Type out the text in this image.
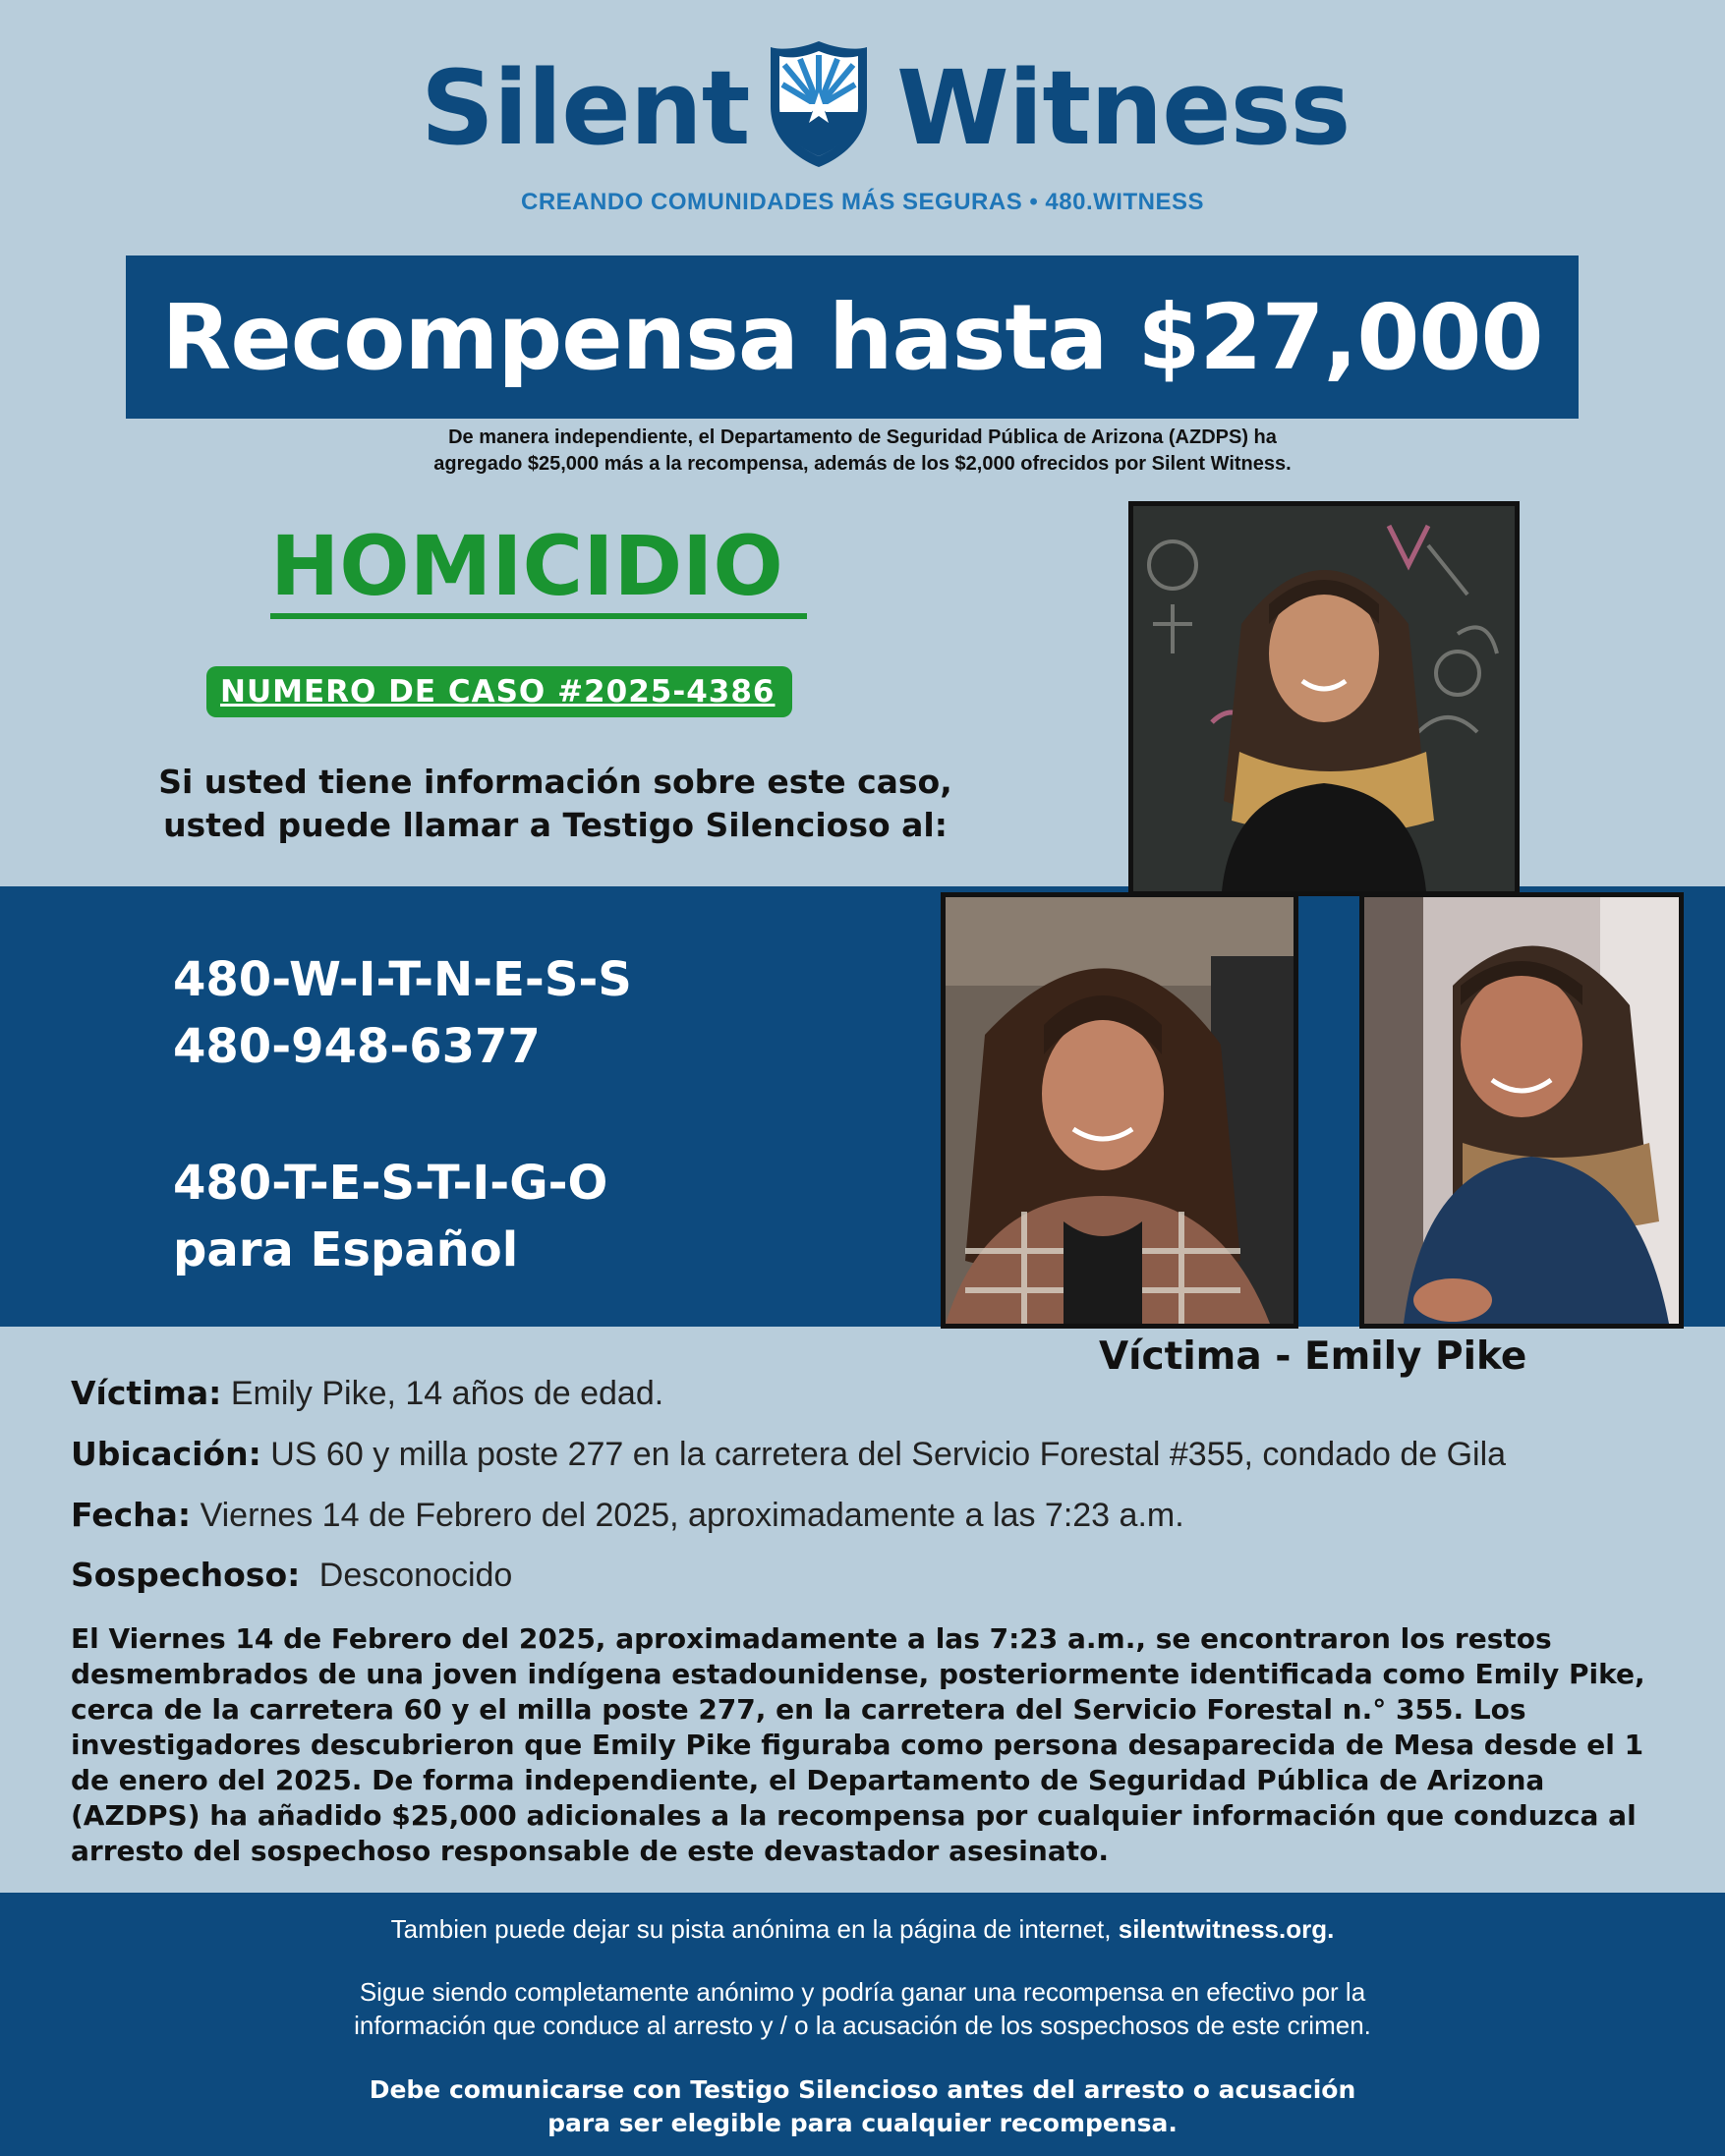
Silent Witness
CREANDO COMUNIDADES MÁS SEGURAS • 480.WITNESS
Recompensa hasta $27,000
De manera independiente, el Departamento de Seguridad Pública de Arizona (AZDPS) ha
agregado $25,000 más a la recompensa, además de los $2,000 ofrecidos por Silent Witness.
HOMICIDIO
NUMERO DE CASO #2025-4386
Si usted tiene información sobre este caso,
usted puede llamar a Testigo Silencioso al:
480-W-I-T-N-E-S-S
480-948-6377
480-T-E-S-T-I-G-O
para Español
Víctima - Emily Pike
Víctima: Emily Pike, 14 años de edad.
Ubicación: US 60 y milla poste 277 en la carretera del Servicio Forestal #355, condado de Gila
Fecha: Viernes 14 de Febrero del 2025, aproximadamente a las 7:23 a.m.
Sospechoso: Desconocido
El Viernes 14 de Febrero del 2025, aproximadamente a las 7:23 a.m., se encontraron los restos desmembrados de una joven indígena estadounidense, posteriormente identificada como Emily Pike, cerca de la carretera 60 y el milla poste 277, en la carretera del Servicio Forestal n.° 355. Los investigadores descubrieron que Emily Pike figuraba como persona desaparecida de Mesa desde el 1 de enero del 2025. De forma independiente, el Departamento de Seguridad Pública de Arizona (AZDPS) ha añadido $25,000 adicionales a la recompensa por cualquier información que conduzca al arresto del sospechoso responsable de este devastador asesinato.
Tambien puede dejar su pista anónima en la página de internet, silentwitness.org.
Sigue siendo completamente anónimo y podría ganar una recompensa en efectivo por la
información que conduce al arresto y / o la acusación de los sospechosos de este crimen.
Debe comunicarse con Testigo Silencioso antes del arresto o acusación
para ser elegible para cualquier recompensa.
